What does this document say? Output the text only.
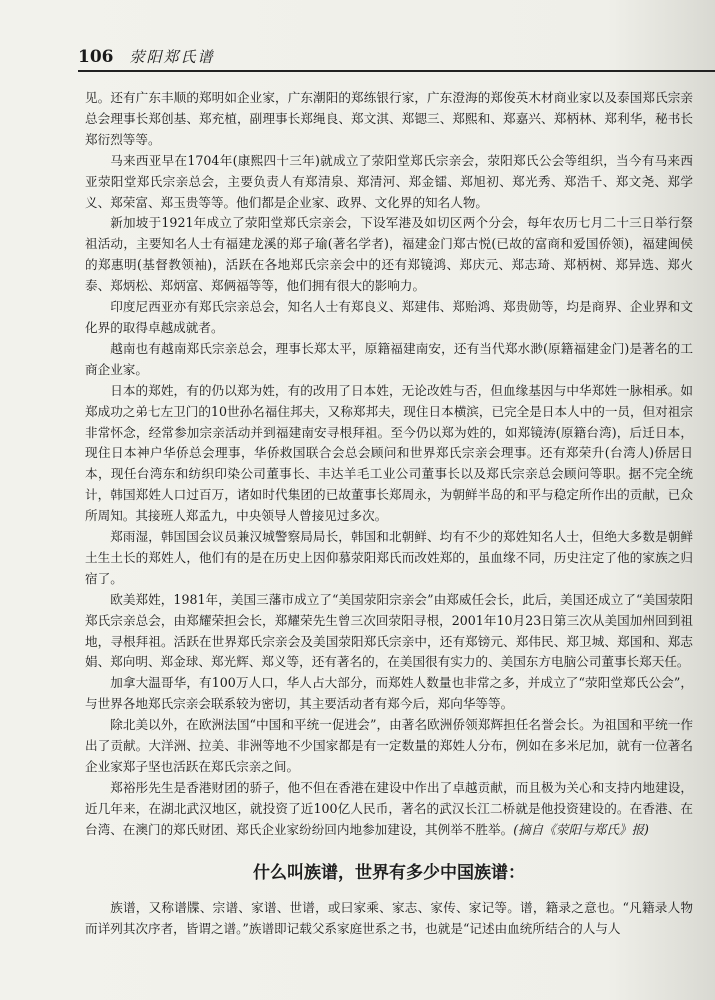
106 荥阳郑氏谱

见。还有广东丰顺的郑明如企业家，广东潮阳的郑练银行家，广东澄海的郑俊英木材商业家以及泰国郑氏宗亲总会理事长郑创基、郑充植，副理事长郑绳良、郑文淇、郑锶三、郑熙和、郑嘉兴、郑柄林、郑利华，秘书长郑衍烈等等。

马来西亚早在1704年(康熙四十三年)就成立了荥阳堂郑氏宗亲会，荥阳郑氏公会等组织，当今有马来西亚荥阳堂郑氏宗亲总会，主要负责人有郑清泉、郑清河、郑金镭、郑旭初、郑光秀、郑浩千、郑文尧、郑学义、郑荣富、郑玉贵等等。他们都是企业家、政界、文化界的知名人物。

新加坡于1921年成立了荥阳堂郑氏宗亲会，下设军港及如切区两个分会，每年农历七月二十三日举行祭祖活动，主要知名人士有福建龙溪的郑子瑜(著名学者)，福建金门郑古悦(已故的富商和爱国侨领)，福建闽侯的郑惠明(基督教领袖)，活跃在各地郑氏宗亲会中的还有郑镜鸿、郑庆元、郑志琦、郑柄树、郑异选、郑火泰、郑炳松、郑炳富、郑俩福等等，他们拥有很大的影响力。

印度尼西亚亦有郑氏宗亲总会，知名人士有郑良义、郑建伟、郑贻鸿、郑贵勋等，均是商界、企业界和文化界的取得卓越成就者。

越南也有越南郑氏宗亲总会，理事长郑太平，原籍福建南安，还有当代郑水渺(原籍福建金门)是著名的工商企业家。

日本的郑姓，有的仍以郑为姓，有的改用了日本姓，无论改姓与否，但血缘基因与中华郑姓一脉相承。如郑成功之弟七左卫门的10世孙名福住邦夫，又称郑邦夫，现住日本横滨，已完全是日本人中的一员，但对祖宗非常怀念，经常参加宗亲活动并到福建南安寻根拜祖。至今仍以郑为姓的，如郑镜涛(原籍台湾)，后迁日本，现住日本神户华侨总会理事，华侨救国联合会总会顾问和世界郑氏宗亲会理事。还有郑荣升(台湾人)侨居日本，现任台湾东和纺织印染公司董事长、丰达羊毛工业公司董事长以及郑氏宗亲总会顾问等职。据不完全统计，韩国郑姓人口过百万，诸如时代集团的已故董事长郑周永，为朝鲜半岛的和平与稳定所作出的贡献，已众所周知。其接班人郑孟九，中央领导人曾接见过多次。

郑雨湿，韩国国会议员兼汉城警察局局长，韩国和北朝鲜、均有不少的郑姓知名人士，但绝大多数是朝鲜土生土长的郑姓人，他们有的是在历史上因仰慕荥阳郑氏而改姓郑的，虽血缘不同，历史注定了他的家族之归宿了。

欧美郑姓，1981年，美国三藩市成立了“美国荥阳宗亲会”由郑威任会长，此后，美国还成立了“美国荥阳郑氏宗亲总会，由郑耀荣担会长，郑耀荣先生曾三次回荥阳寻根，2001年10月23日第三次从美国加州回到祖地，寻根拜祖。活跃在世界郑氏宗亲会及美国荥阳郑氏宗亲中，还有郑镑元、郑伟民、郑卫城、郑国和、郑志娟、郑向明、郑金球、郑光辉、郑义等，还有著名的，在美国很有实力的、美国东方电脑公司董事长郑天任。

加拿大温哥华，有100万人口，华人占大部分，而郑姓人数量也非常之多，并成立了“荥阳堂郑氏公会”，与世界各地郑氏宗亲会联系较为密切，其主要活动者有郑今后，郑向华等等。

除北美以外，在欧洲法国“中国和平统一促进会”，由著名欧洲侨领郑辉担任名誉会长。为祖国和平统一作出了贡献。大洋洲、拉美、非洲等地不少国家都是有一定数量的郑姓人分布，例如在多米尼加，就有一位著名企业家郑子坚也活跃在郑氏宗亲之间。

郑裕彤先生是香港财团的骄子，他不但在香港在建设中作出了卓越贡献，而且极为关心和支持内地建设，近几年来，在湖北武汉地区，就投资了近100亿人民币，著名的武汉长江二桥就是他投资建设的。在香港、在台湾、在澳门的郑氏财团、郑氏企业家纷纷回内地参加建设，其例举不胜举。(摘自《荥阳与郑氏》报)

什么叫族谱，世界有多少中国族谱：

族谱，又称谱牒、宗谱、家谱、世谱，或曰家乘、家志、家传、家记等。谱，籍录之意也。“凡籍录人物而详列其次序者，皆谓之谱。”族谱即记载父系家庭世系之书，也就是“记述由血统所结合的人与人
